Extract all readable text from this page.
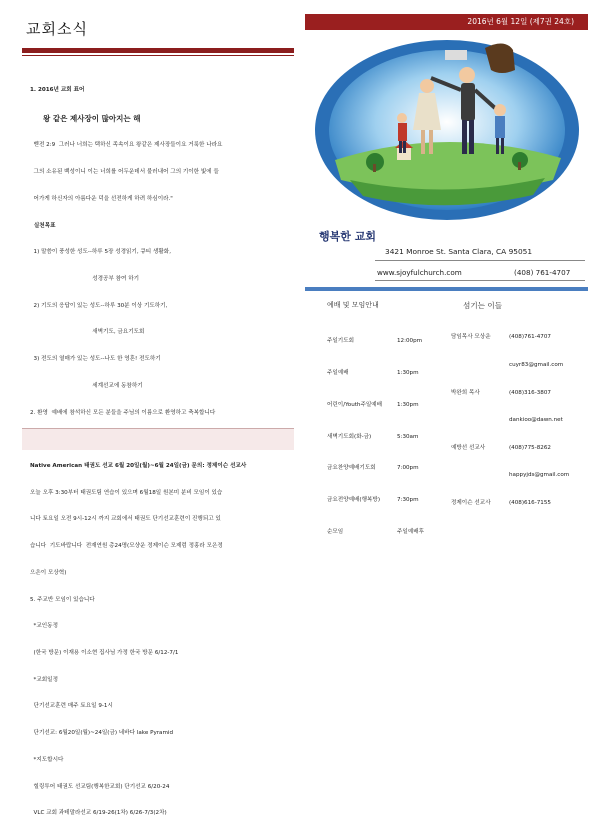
교회소식

1. 2016년 교회 표어

왕 같은 제사장이 많아지는 해

벧전 2:9  그러나 너희는 택하신 족속이요 왕같은 제사장들이요 거룩한 나라요

그의 소유된 백성이니 이는 너희를 어두운데서 불러내어 그의 기이한 빛에 들

어가게 하신자의 아름다운 덕을 선전하게 하려 하심이라."

실천목표

1) 말씀이 풍성한 성도--하루 5장 성경읽기, 큐티 생활화,

성경공부 참여 하기

2) 기도의 응답이 있는 성도--하루 30분 이상 기도하기,

새벽기도, 금요기도회

3) 전도의 열매가 있는 성도--나도 한 영혼! 전도하기

세계선교에 동참하기

2. 환영  예배에 참석하신 모든 분들을 주님의 이름으로 환영하고 축복합니다

Native American 태권도 선교 6월 20일(월)~6월 24일(금) 문의: 정제이슨 선교사

오늘 오후 3:30부터 태권도팀 연습이 있으며 6월18일 원본미 분비 모임이 있습

니다 토요일 오전 9시-12시 까지 교회에서 태권도 단기선교훈련이 진행되고 있

습니다  기도바랍니다  전재연원 총24명(모샹운 정제이슨 모제럼 정홍라 모은정

으은이 모상혁)

5. 주교반 모임이 있습니다

*교인동정

(한국 방문) 이재용 이소현 집사님 가정 한국 방문 6/12-7/1

*교회일정

단기선교훈련 매주 토요일 9-1시

단기선교: 6월20일(월)~24일(금) 네바다 lake Pyramid

*지도합시다

힐링투어 태권도 선교팀(행복한교회) 단기선교 6/20-24

VLC 교회 과테말라선교 6/19-26(1차) 6/26-7/3(2차)

2016년 6월 12일 (제7권 24호)
행복한 교회
3421 Monroe St. Santa Clara, CA 95051
www.sjoyfulchurch.com	(408) 761-4707
예배 및 모임안내

주일기도회	12:00pm

주일예배	1:30pm

어린이/Youth주일예배	1:30pm

새벽기도회(화-금)	5:30am

금요찬양예배기도회	7:00pm

금요전양예배(행복방)	7:30pm

순모임	주일예배후

섬기는 이들

담임목사 모상운	(408)761-4707

cuyr83@gmail.com

박완희 목사	(408)316-3807

dankioo@dawn.net

예방선 선교사	(408)775-8262

happyjds@gmail.com

정제이슨 선교사	(408)616-7155
